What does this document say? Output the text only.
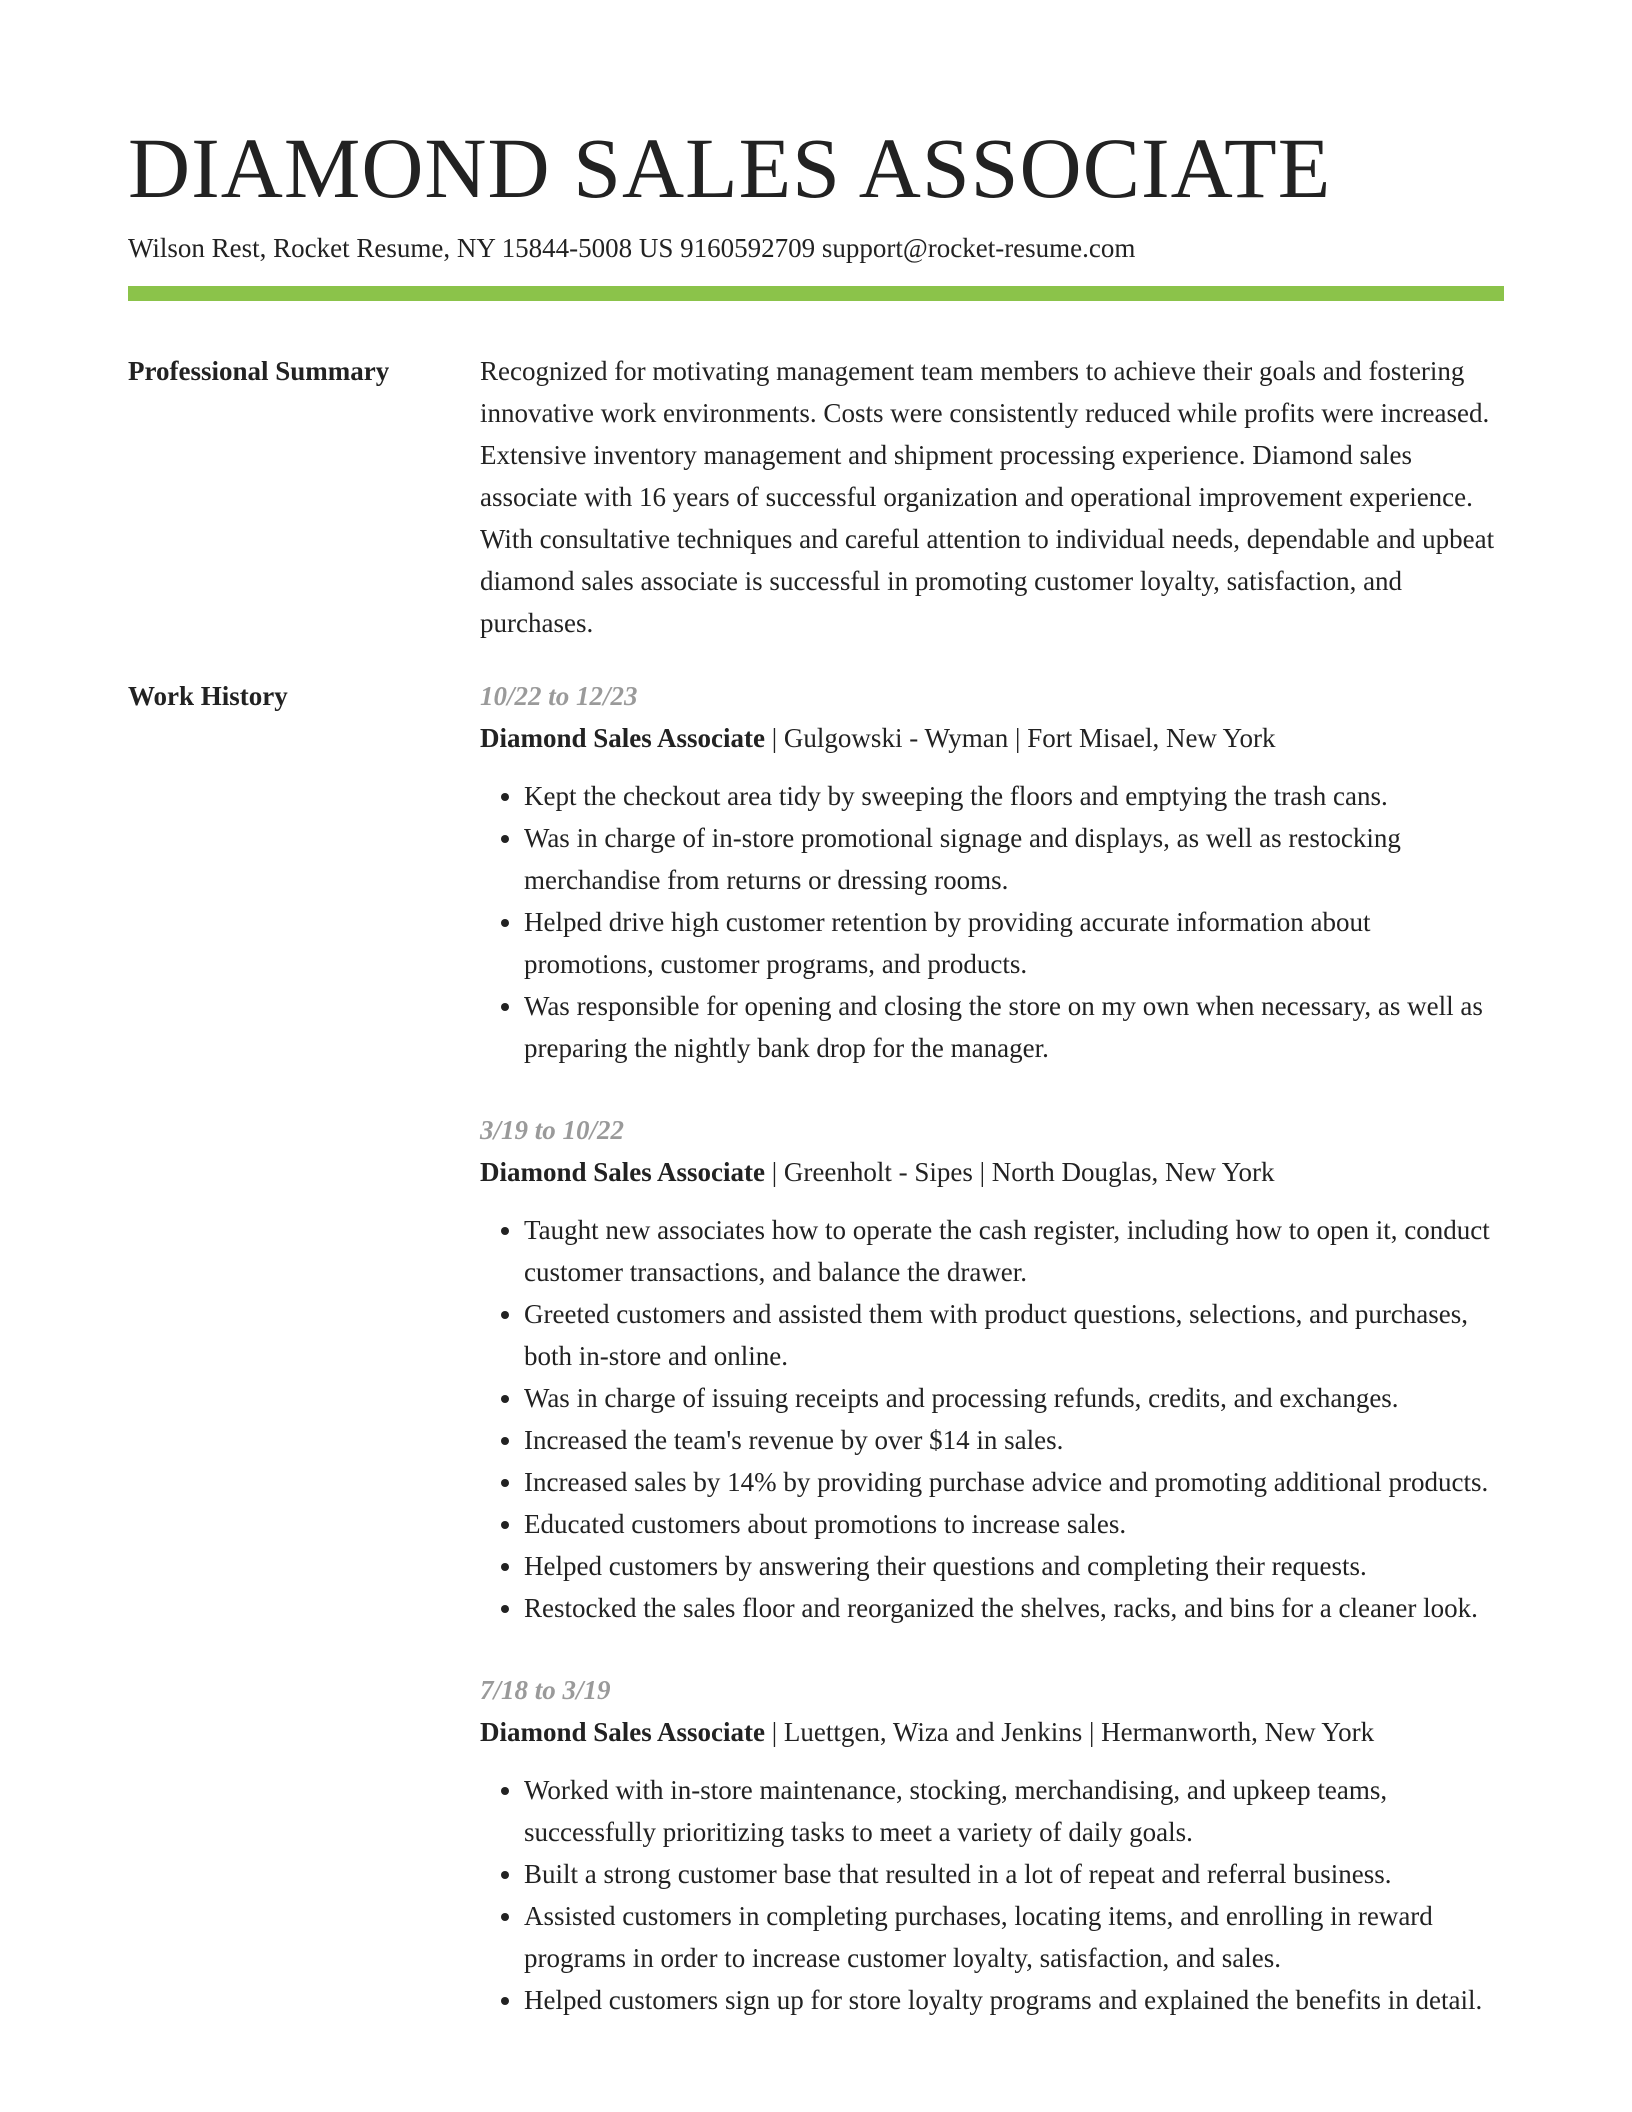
DIAMOND SALES ASSOCIATE
Wilson Rest, Rocket Resume, NY 15844-5008 US 9160592709 support@rocket-resume.com
Professional Summary	Recognized for motivating management team members to achieve their goals and fostering innovative work environments. Costs were consistently reduced while profits were increased. Extensive inventory management and shipment processing experience. Diamond sales associate with 16 years of successful organization and operational improvement experience. With consultative techniques and careful attention to individual needs, dependable and upbeat diamond sales associate is successful in promoting customer loyalty, satisfaction, and purchases.

Work History	10/22 to 12/23
Diamond Sales Associate | Gulgowski - Wyman | Fort Misael, New York
• Kept the checkout area tidy by sweeping the floors and emptying the trash cans.
• Was in charge of in-store promotional signage and displays, as well as restocking merchandise from returns or dressing rooms.
• Helped drive high customer retention by providing accurate information about promotions, customer programs, and products.
• Was responsible for opening and closing the store on my own when necessary, as well as preparing the nightly bank drop for the manager.
3/19 to 10/22
Diamond Sales Associate | Greenholt - Sipes | North Douglas, New York
• Taught new associates how to operate the cash register, including how to open it, conduct customer transactions, and balance the drawer.
• Greeted customers and assisted them with product questions, selections, and purchases, both in-store and online.
• Was in charge of issuing receipts and processing refunds, credits, and exchanges.
• Increased the team's revenue by over $14 in sales.
• Increased sales by 14% by providing purchase advice and promoting additional products.
• Educated customers about promotions to increase sales.
• Helped customers by answering their questions and completing their requests.
• Restocked the sales floor and reorganized the shelves, racks, and bins for a cleaner look.
7/18 to 3/19
Diamond Sales Associate | Luettgen, Wiza and Jenkins | Hermanworth, New York
• Worked with in-store maintenance, stocking, merchandising, and upkeep teams, successfully prioritizing tasks to meet a variety of daily goals.
• Built a strong customer base that resulted in a lot of repeat and referral business.
• Assisted customers in completing purchases, locating items, and enrolling in reward programs in order to increase customer loyalty, satisfaction, and sales.
• Helped customers sign up for store loyalty programs and explained the benefits in detail.
